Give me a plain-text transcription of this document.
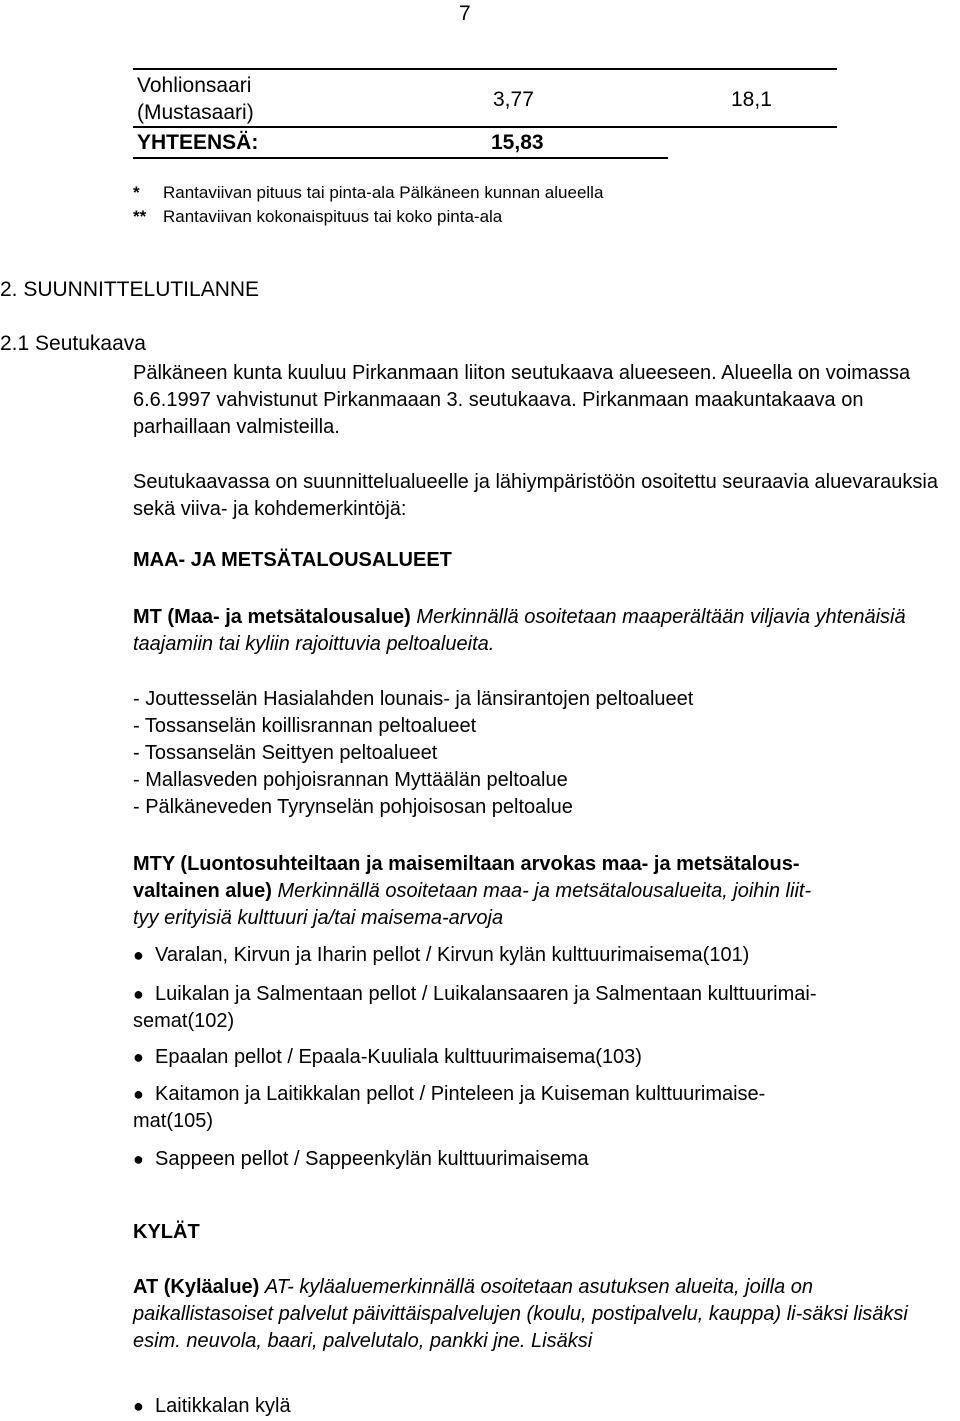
7
Vohlionsaari
(Mustasaari)
3,77	18,1
YHTEENSÄ:	15,83
* Rantaviivan pituus tai pinta-ala Pälkäneen kunnan alueella
** Rantaviivan kokonaispituus tai koko pinta-ala
2. SUUNNITTELUTILANNE
2.1 Seutukaava
Pälkäneen kunta kuuluu Pirkanmaan liiton seutukaava alueeseen. Alueella on voimassa 6.6.1997 vahvistunut Pirkanmaaan 3. seutukaava. Pirkanmaan maakuntakaava on parhaillaan valmisteilla.
Seutukaavassa on suunnittelualueelle ja lähiympäristöön osoitettu seuraavia aluevarauksia sekä viiva- ja kohdemerkintöjä:
MAA- JA METSÄTALOUSALUEET
MT (Maa- ja metsätalousalue) Merkinnällä osoitetaan maaperältään viljavia yhtenäisiä taajamiin tai kyliin rajoittuvia peltoalueita.
- Jouttesselän Hasialahden lounais- ja länsirantojen peltoalueet
- Tossanselän koillisrannan peltoalueet
- Tossanselän Seittyen peltoalueet
- Mallasveden pohjoisrannan Myttäälän peltoalue
- Pälkäneveden Tyrynselän pohjoisosan peltoalue
MTY (Luontosuhteiltaan ja maisemiltaan arvokas maa- ja metsätalous-
valtainen alue) Merkinnällä osoitetaan maa- ja metsätalousalueita, joihin liit-
tyy erityisiä kulttuuri ja/tai maisema-arvoja
● Varalan, Kirvun ja Iharin pellot / Kirvun kylän kulttuurimaisema(101)
● Luikalan ja Salmentaan pellot / Luikalansaaren ja Salmentaan kulttuurimai-
semat(102)
● Epaalan pellot / Epaala-Kuuliala kulttuurimaisema(103)
● Kaitamon ja Laitikkalan pellot / Pinteleen ja Kuiseman kulttuurimaise-
mat(105)
● Sappeen pellot / Sappeenkylän kulttuurimaisema
KYLÄT
AT (Kyläalue) AT- kyläaluemerkinnällä osoitetaan asutuksen alueita, joilla on paikallistasoiset palvelut päivittäispalvelujen (koulu, postipalvelu, kauppa) li-säksi lisäksi esim. neuvola, baari, palvelutalo, pankki jne. Lisäksi
● Laitikkalan kylä
